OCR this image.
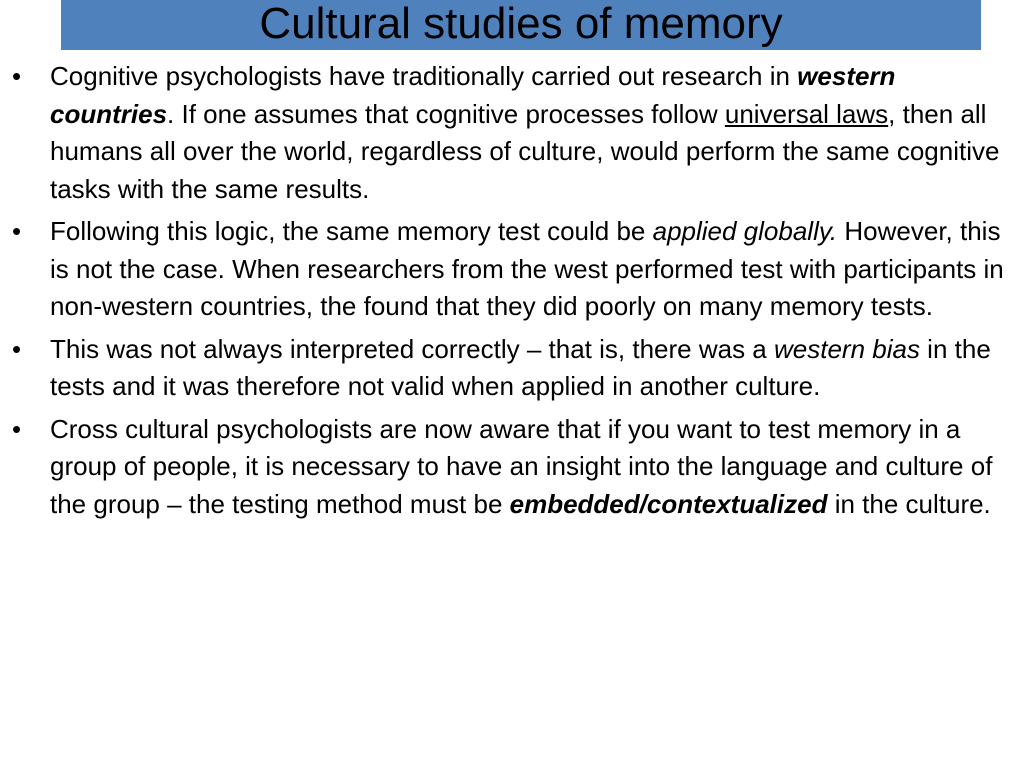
Cultural studies of memory
•	Cognitive psychologists have traditionally carried out research in western countries. If one assumes that cognitive processes follow universal laws, then all humans all over the world, regardless of culture, would perform the same cognitive tasks with the same results.
•	Following this logic, the same memory test could be applied globally. However, this is not the case. When researchers from the west performed test with participants in non-western countries, the found that they did poorly on many memory tests.
•	This was not always interpreted correctly – that is, there was a western bias in the tests and it was therefore not valid when applied in another culture.
•	Cross cultural psychologists are now aware that if you want to test memory in a group of people, it is necessary to have an insight into the language and culture of the group – the testing method must be embedded/contextualized in the culture.
